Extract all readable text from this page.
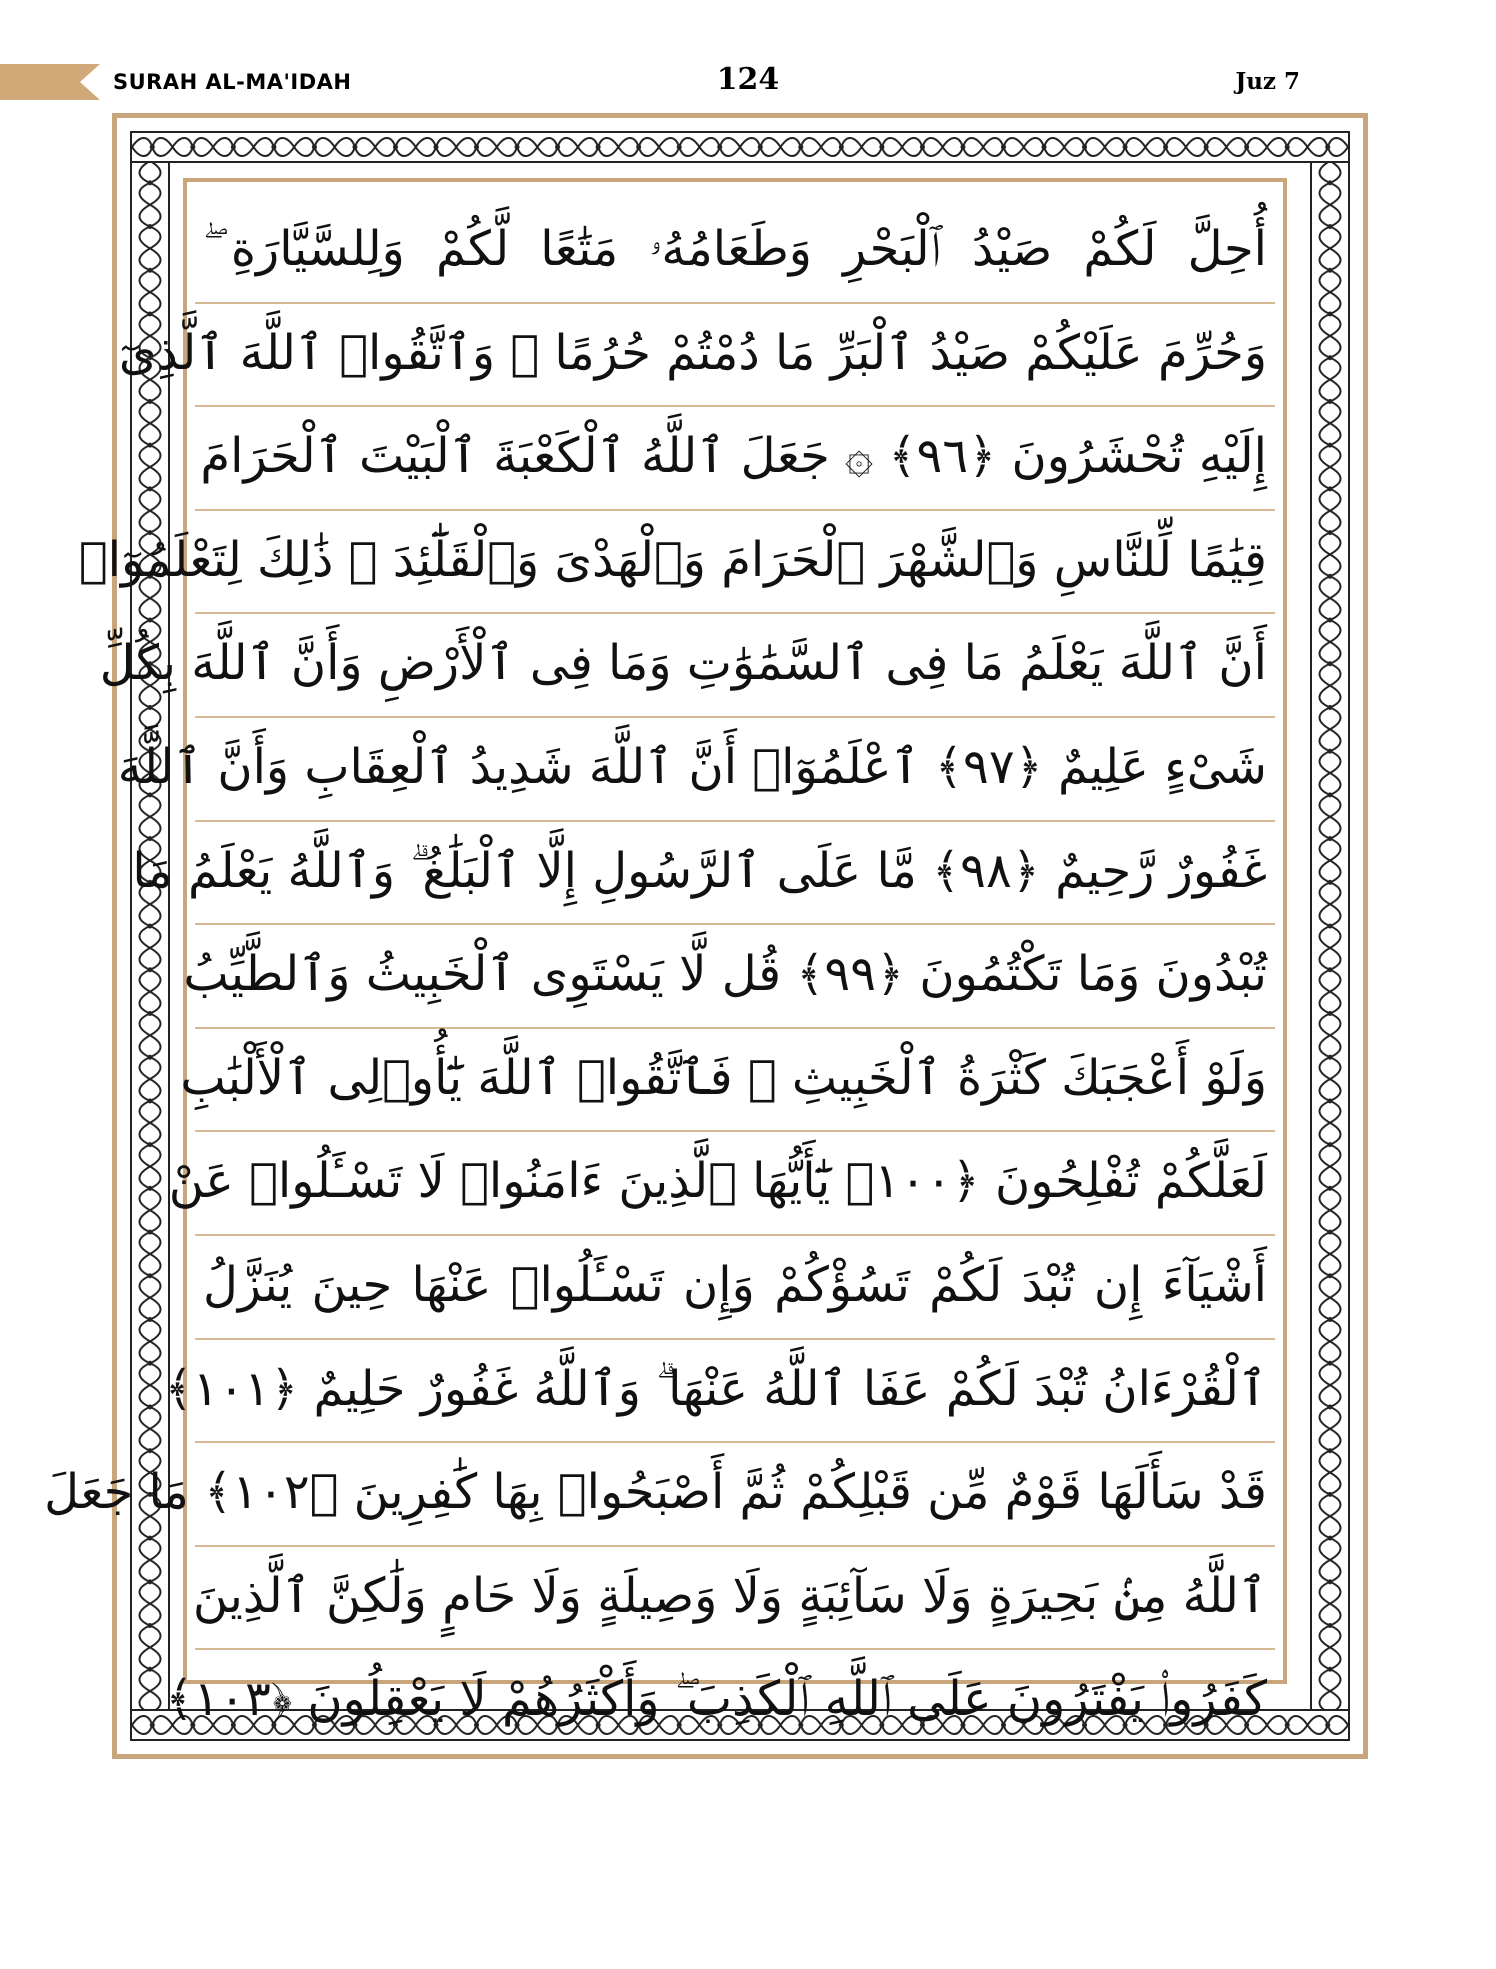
SURAH AL-MA'IDAH	124	Juz 7
أُحِلَّ لَكُمْ صَيْدُ ٱلْبَحْرِ وَطَعَامُهُۥ مَتَٰعًا لَّكُمْ وَلِلسَّيَّارَةِ ۖ
وَحُرِّمَ عَلَيْكُمْ صَيْدُ ٱلْبَرِّ مَا دُمْتُمْ حُرُمًا ۗ وَٱتَّقُوا۟ ٱللَّهَ ٱلَّذِىٓ
إِلَيْهِ تُحْشَرُونَ ﴿٩٦﴾ ۞ جَعَلَ ٱللَّهُ ٱلْكَعْبَةَ ٱلْبَيْتَ ٱلْحَرَامَ
قِيَٰمًا لِّلنَّاسِ وَٱلشَّهْرَ ٱلْحَرَامَ وَٱلْهَدْىَ وَٱلْقَلَٰٓئِدَ ۚ ذَٰلِكَ لِتَعْلَمُوٓا۟
أَنَّ ٱللَّهَ يَعْلَمُ مَا فِى ٱلسَّمَٰوَٰتِ وَمَا فِى ٱلْأَرْضِ وَأَنَّ ٱللَّهَ بِكُلِّ
شَىْءٍ عَلِيمٌ ﴿٩٧﴾ ٱعْلَمُوٓا۟ أَنَّ ٱللَّهَ شَدِيدُ ٱلْعِقَابِ وَأَنَّ ٱللَّهَ
غَفُورٌ رَّحِيمٌ ﴿٩٨﴾ مَّا عَلَى ٱلرَّسُولِ إِلَّا ٱلْبَلَٰغُ ۗ وَٱللَّهُ يَعْلَمُ مَا
تُبْدُونَ وَمَا تَكْتُمُونَ ﴿٩٩﴾ قُل لَّا يَسْتَوِى ٱلْخَبِيثُ وَٱلطَّيِّبُ
وَلَوْ أَعْجَبَكَ كَثْرَةُ ٱلْخَبِيثِ ۚ فَٱتَّقُوا۟ ٱللَّهَ يَٰٓأُو۟لِى ٱلْأَلْبَٰبِ
لَعَلَّكُمْ تُفْلِحُونَ ﴿١٠٠﴾ يَٰٓأَيُّهَا ٱلَّذِينَ ءَامَنُوا۟ لَا تَسْـَٔلُوا۟ عَنْ
أَشْيَآءَ إِن تُبْدَ لَكُمْ تَسُؤْكُمْ وَإِن تَسْـَٔلُوا۟ عَنْهَا حِينَ يُنَزَّلُ
ٱلْقُرْءَانُ تُبْدَ لَكُمْ عَفَا ٱللَّهُ عَنْهَا ۗ وَٱللَّهُ غَفُورٌ حَلِيمٌ ﴿١٠١﴾
قَدْ سَأَلَهَا قَوْمٌ مِّن قَبْلِكُمْ ثُمَّ أَصْبَحُوا۟ بِهَا كَٰفِرِينَ ﴿١٠٢﴾ مَا جَعَلَ
ٱللَّهُ مِنۢ بَحِيرَةٍ وَلَا سَآئِبَةٍ وَلَا وَصِيلَةٍ وَلَا حَامٍ وَلَٰكِنَّ ٱلَّذِينَ
كَفَرُوا۟ يَفْتَرُونَ عَلَى ٱللَّهِ ٱلْكَذِبَ ۖ وَأَكْثَرُهُمْ لَا يَعْقِلُونَ ﴿١٠٣﴾
